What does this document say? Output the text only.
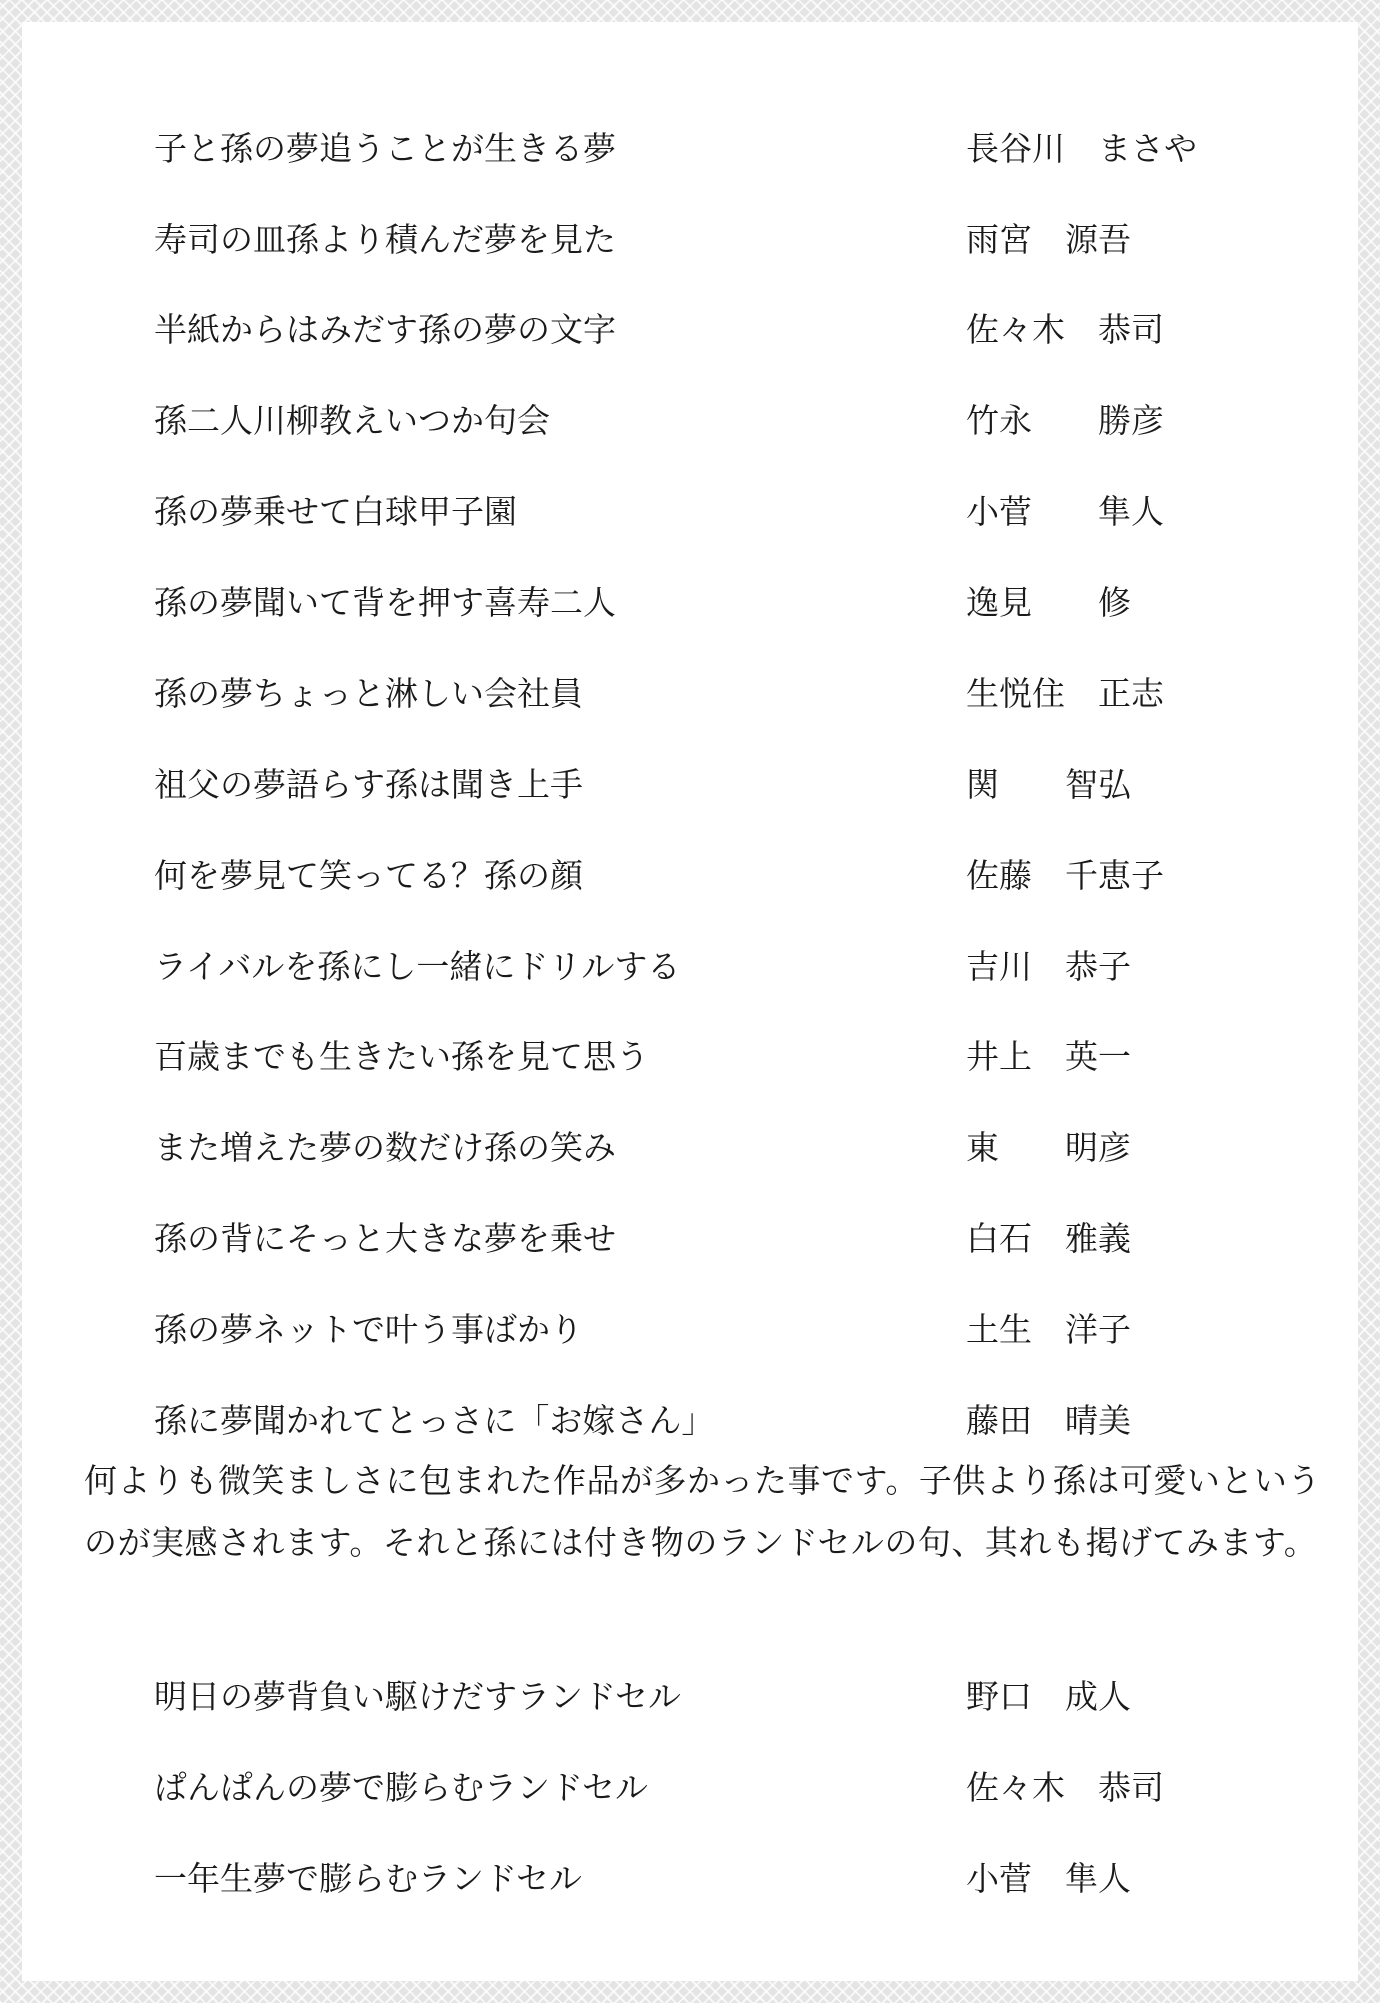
子と孫の夢追うことが生きる夢	長谷川　まさや
寿司の皿孫より積んだ夢を見た	雨宮　源吾
半紙からはみだす孫の夢の文字	佐々木　恭司
孫二人川柳教えいつか句会	竹永　　勝彦
孫の夢乗せて白球甲子園	小菅　　隼人
孫の夢聞いて背を押す喜寿二人	逸見　　修
孫の夢ちょっと淋しい会社員	生悦住　正志
祖父の夢語らす孫は聞き上手	関　　智弘
何を夢見て笑ってる？孫の顔	佐藤　千恵子
ライバルを孫にし一緒にドリルする	吉川　恭子
百歳までも生きたい孫を見て思う	井上　英一
また増えた夢の数だけ孫の笑み	東　　明彦
孫の背にそっと大きな夢を乗せ	白石　雅義
孫の夢ネットで叶う事ばかり	土生　洋子
孫に夢聞かれてとっさに「お嫁さん」	藤田　晴美

何よりも微笑ましさに包まれた作品が多かった事です。子供より孫は可愛いというのが実感されます。それと孫には付き物のランドセルの句、其れも掲げてみます。

明日の夢背負い駆けだすランドセル	野口　成人
ぱんぱんの夢で膨らむランドセル	佐々木　恭司
一年生夢で膨らむランドセル	小菅　隼人
